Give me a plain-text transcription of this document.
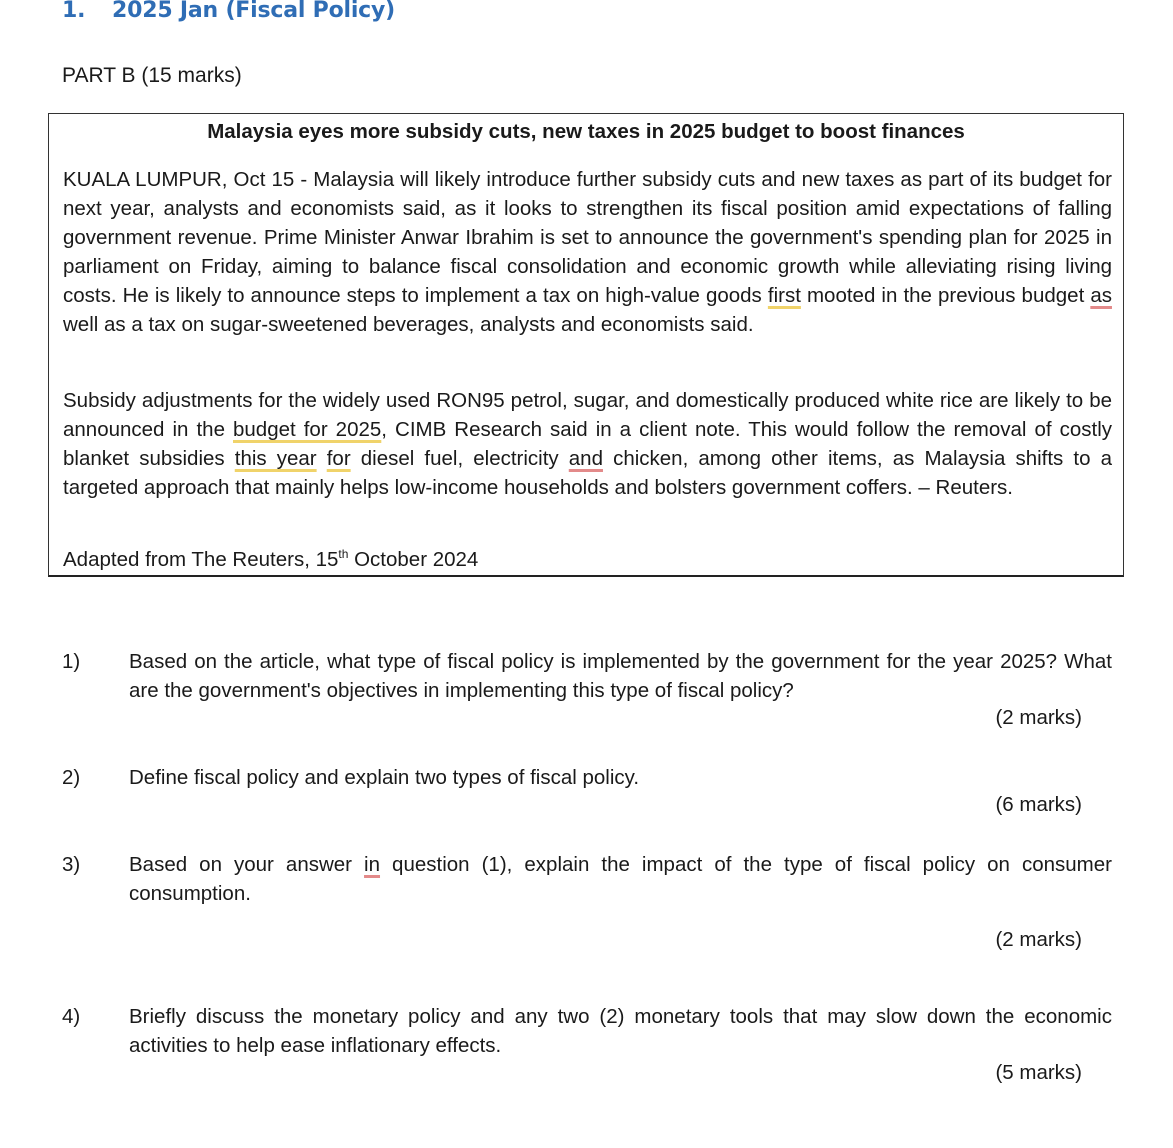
1. 2025 Jan (Fiscal Policy)
PART B (15 marks)
Malaysia eyes more subsidy cuts, new taxes in 2025 budget to boost finances
KUALA LUMPUR, Oct 15 - Malaysia will likely introduce further subsidy cuts and new taxes as part of its budget for next year, analysts and economists said, as it looks to strengthen its fiscal position amid expectations of falling government revenue. Prime Minister Anwar Ibrahim is set to announce the government's spending plan for 2025 in parliament on Friday, aiming to balance fiscal consolidation and economic growth while alleviating rising living costs. He is likely to announce steps to implement a tax on high-value goods first mooted in the previous budget as well as a tax on sugar-sweetened beverages, analysts and economists said.
Subsidy adjustments for the widely used RON95 petrol, sugar, and domestically produced white rice are likely to be announced in the budget for 2025, CIMB Research said in a client note. This would follow the removal of costly blanket subsidies this year for diesel fuel, electricity and chicken, among other items, as Malaysia shifts to a targeted approach that mainly helps low-income households and bolsters government coffers. – Reuters.
Adapted from The Reuters, 15th October 2024
1) Based on the article, what type of fiscal policy is implemented by the government for the year 2025? What are the government's objectives in implementing this type of fiscal policy?
(2 marks)
2) Define fiscal policy and explain two types of fiscal policy.
(6 marks)
3) Based on your answer in question (1), explain the impact of the type of fiscal policy on consumer consumption.
(2 marks)
4) Briefly discuss the monetary policy and any two (2) monetary tools that may slow down the economic activities to help ease inflationary effects.
(5 marks)
